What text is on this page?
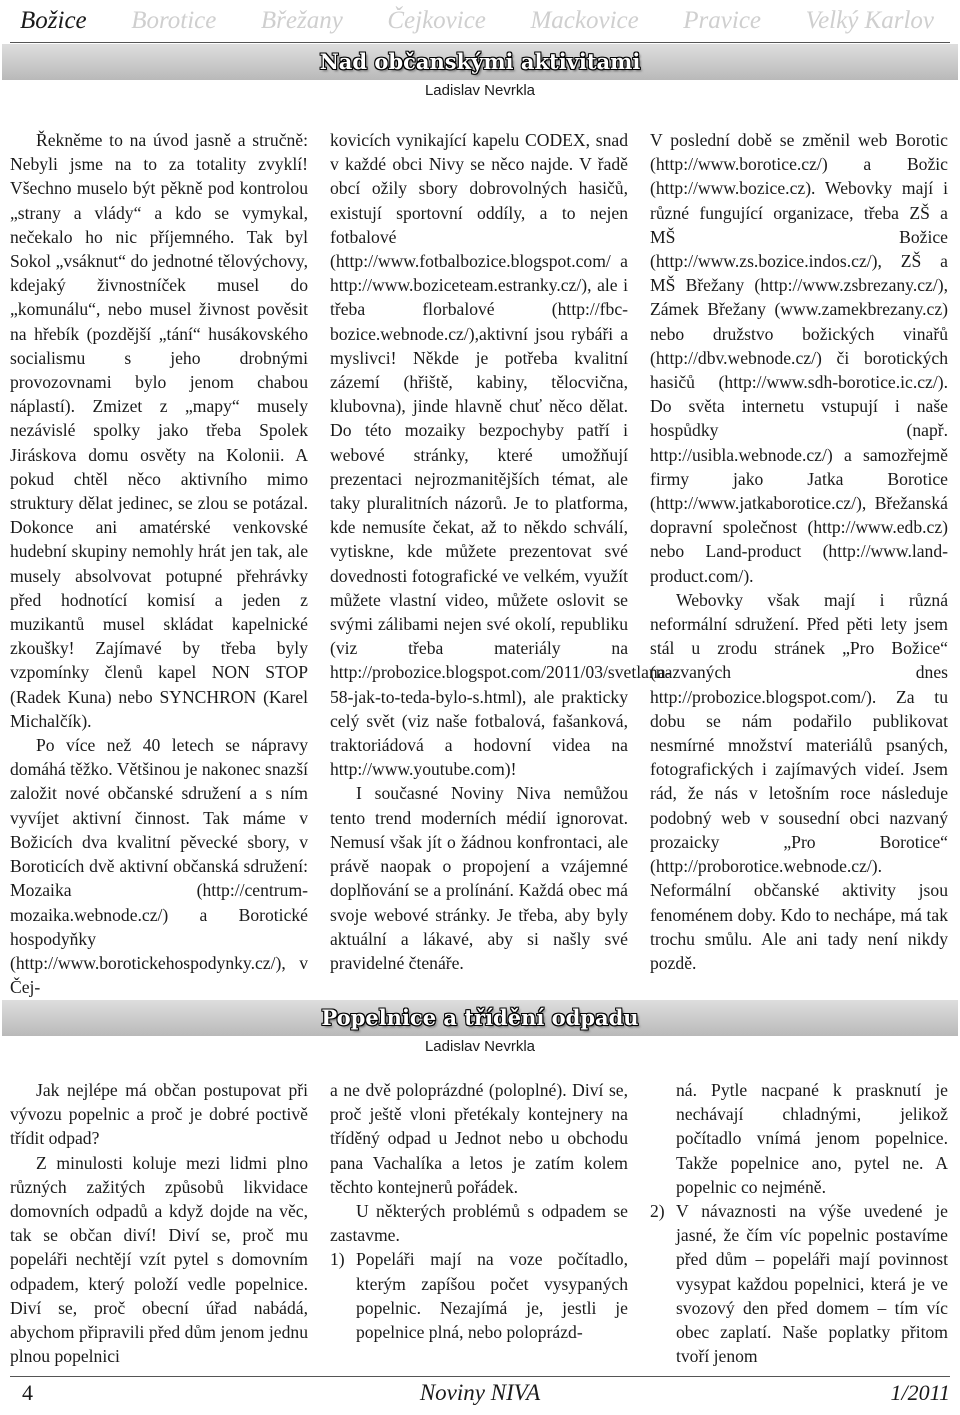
Božice Borotice Břežany Čejkovice Mackovice Pravice Velký Karlov
Nad občanskými aktivitami
Ladislav Nevrkla

Řekněme to na úvod jasně a stručně: Nebyli jsme na to za totality zvyklí! Všechno muselo být pěkně pod kontrolou „strany a vlády“ a kdo se vymykal, nečekalo ho nic příjemného. Tak byl Sokol „vsáknut“ do jednotné tělovýchovy, kdejaký živnostníček musel do „komunálu“, nebo musel živnost pověsit na hřebík (pozdější „tání“ husákovského socialismu s jeho drobnými provozovnami bylo jenom chabou náplastí). Zmizet z „mapy“ musely nezávislé spolky jako třeba Spolek Jiráskova domu osvěty na Kolonii. A pokud chtěl něco aktivního mimo struktury dělat jedinec, se zlou se potázal. Dokonce ani amatérské venkovské hudební skupiny nemohly hrát jen tak, ale musely absolvovat potupné přehrávky před hodnotící komisí a jeden z muzikantů musel skládat kapelnické zkoušky! Zajímavé by třeba byly vzpomínky členů kapel NON STOP (Radek Kuna) nebo SYNCHRON (Karel Michalčík).

Po více než 40 letech se nápravy domáhá těžko. Většinou je nakonec snazší založit nové občanské sdružení a s ním vyvíjet aktivní činnost. Tak máme v Božicích dva kvalitní pěvecké sbory, v Boroticích dvě aktivní občanská sdružení: Mozaika (http://centrum-mozaika.webnode.cz/) a Borotické hospodyňky (http://www.borotickehospodynky.cz/), v Čej-

kovicích vynikající kapelu CODEX, snad v každé obci Nivy se něco najde. V řadě obcí ožily sbory dobrovolných hasičů, existují sportovní oddíly, a to nejen fotbalové (http://www.fotbalbozice.blogspot.com/ a http://www.boziceteam.estranky.cz/), ale i třeba florbalové (http://fbc-bozice.webnode.cz/),aktivní jsou rybáři a myslivci! Někde je potřeba kvalitní zázemí (hřiště, kabiny, tělocvična, klubovna), jinde hlavně chuť něco dělat. Do této mozaiky bezpochyby patří i webové stránky, které umožňují prezentaci nejrozmanitějších témat, ale taky pluralitních názorů. Je to platforma, kde nemusíte čekat, až to někdo schválí, vytiskne, kde můžete prezentovat své dovednosti fotografické ve velkém, využít můžete vlastní video, můžete oslovit se svými zálibami nejen své okolí, republiku (viz třeba materiály na http://probozice.blogspot.com/2011/03/svetlana-58-jak-to-teda-bylo-s.html), ale prakticky celý svět (viz naše fotbalová, fašanková, traktoriádová a hodovní videa na http://www.youtube.com)!

I současné Noviny Niva nemůžou tento trend moderních médií ignorovat. Nemusí však jít o žádnou konfrontaci, ale právě naopak o propojení a vzájemné doplňování se a prolínání. Každá obec má svoje webové stránky. Je třeba, aby byly aktuální a lákavé, aby si našly své pravidelné čtenáře.

V poslední době se změnil web Borotic (http://www.borotice.cz/) a Božic (http://www.bozice.cz). Webovky mají i různé fungující organizace, třeba ZŠ a MŠ Božice (http://www.zs.bozice.indos.cz/), ZŠ a MŠ Břežany (http://www.zsbrezany.cz/), Zámek Břežany (www.zamekbrezany.cz) nebo družstvo božických vinařů (http://dbv.webnode.cz/) či borotických hasičů (http://www.sdh-borotice.ic.cz/). Do světa internetu vstupují i naše hospůdky (např. http://usibla.webnode.cz/) a samozřejmě firmy jako Jatka Borotice (http://www.jatkaborotice.cz/), Břežanská dopravní společnost (http://www.edb.cz) nebo Land-product (http://www.land-product.com/).

Webovky však mají i různá neformální sdružení. Před pěti lety jsem stál u zrodu stránek „Pro Božice“ (nazvaných dnes http://probozice.blogspot.com/). Za tu dobu se nám podařilo publikovat nesmírné množství materiálů psaných, fotografických i zajímavých videí. Jsem rád, že nás v letošním roce následuje podobný web v sousední obci nazvaný prozaicky „Pro Borotice“ (http://proborotice.webnode.cz/). Neformální občanské aktivity jsou fenoménem doby. Kdo to nechápe, má tak trochu smůlu. Ale ani tady není nikdy pozdě.

Popelnice a třídění odpadu
Ladislav Nevrkla

Jak nejlépe má občan postupovat při vývozu popelnic a proč je dobré poctivě třídit odpad?

Z minulosti koluje mezi lidmi plno různých zažitých způsobů likvidace domovních odpadů a když dojde na věc, tak se občan diví! Diví se, proč mu popeláři nechtějí vzít pytel s domovním odpadem, který položí vedle popelnice. Diví se, proč obecní úřad nabádá, abychom připravili před dům jenom jednu plnou popelnici

a ne dvě poloprázdné (poloplné). Diví se, proč ještě vloni přetékaly kontejnery na tříděný odpad u Jednot nebo u obchodu pana Vachalíka a letos je zatím kolem těchto kontejnerů pořádek.

U některých problémů s odpadem se zastavme.

1) Popeláři mají na voze počítadlo, kterým zapíšou počet vysypaných popelnic. Nezajímá je, jestli je popelnice plná, nebo poloprázd-
ná. Pytle nacpané k prasknutí je nechávají chladnými, jelikož počítadlo vnímá jenom popelnice. Takže popelnice ano, pytel ne. A popelnic co nejméně.
2) V návaznosti na výše uvedené je jasné, že čím víc popelnic postavíme před dům – popeláři mají povinnost vysypat každou popelnici, která je ve svozový den před domem – tím víc obec zaplatí. Naše poplatky přitom tvoří jenom
4	Noviny NIVA	1/2011
